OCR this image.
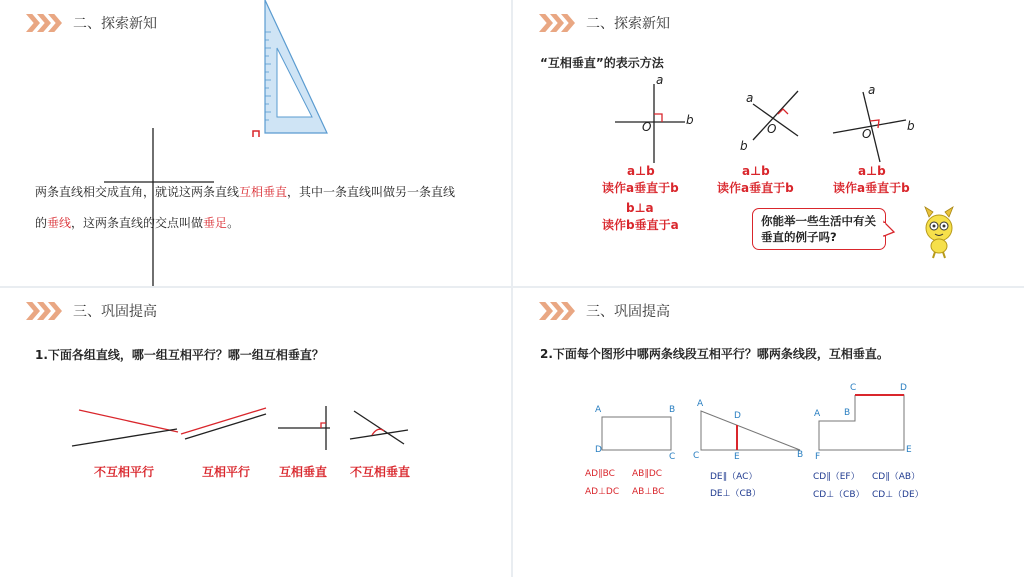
二、探索新知
两条直线相交成直角，就说这两条直线互相垂直，其中一条直线叫做另一条直线
的垂线，这两条直线的交点叫做垂足。
二、探索新知
“互相垂直”的表示方法
a
b
O
a
b
O
a
b
O
a⊥b
读作a垂直于b
b⊥a
读作b垂直于a
a⊥b
读作a垂直于b
a⊥b
读作a垂直于b
你能举一些生活中有关垂直的例子吗?
三、巩固提高
1.下面各组直线，哪一组互相平行？哪一组互相垂直？
不互相平行	互相平行 互相垂直 不互相垂直
三、巩固提高
2.下面每个图形中哪两条线段互相平行？哪两条线段，互相垂直。
A	B
C
D
A
B
C
D
E
A	B
C	D
E
F
AD∥BC AB∥DC
AD⊥DC AB⊥BC
DE∥（AC）
DE⊥（CB）
CD∥（EF） CD∥（AB）
CD⊥（CB） CD⊥（DE）
